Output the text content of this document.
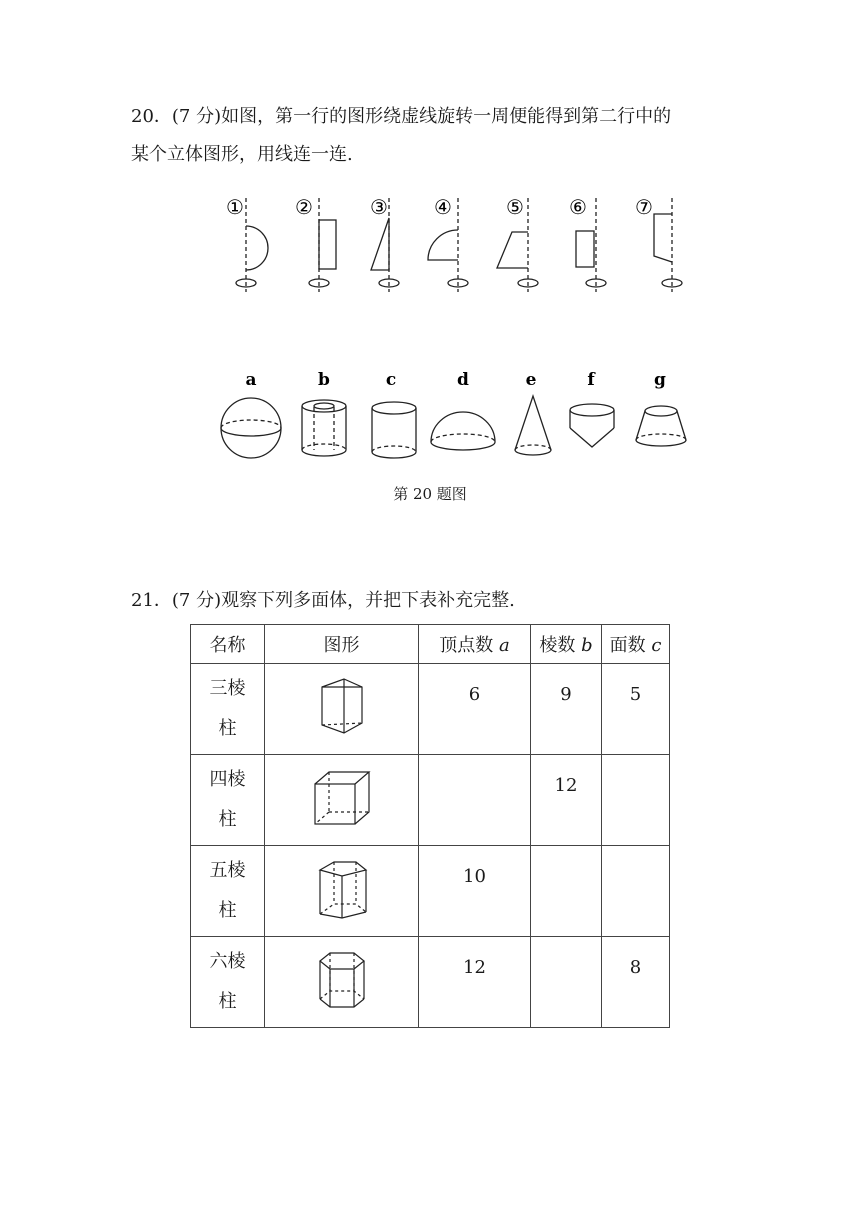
20．(7 分)如图，第一行的图形绕虚线旋转一周便能得到第二行中的
某个立体图形，用线连一连.
①	②	③ ④	⑤ ⑥ ⑦
a	b	c	d	e	f	g
第 20 题图
21．(7 分)观察下列多面体，并把下表补充完整.
名称	图形	顶点数 a	棱数 b	面数 c

三棱
柱		6	9	5

四棱
柱			12	

五棱
柱		10		

六棱
柱		12		8
